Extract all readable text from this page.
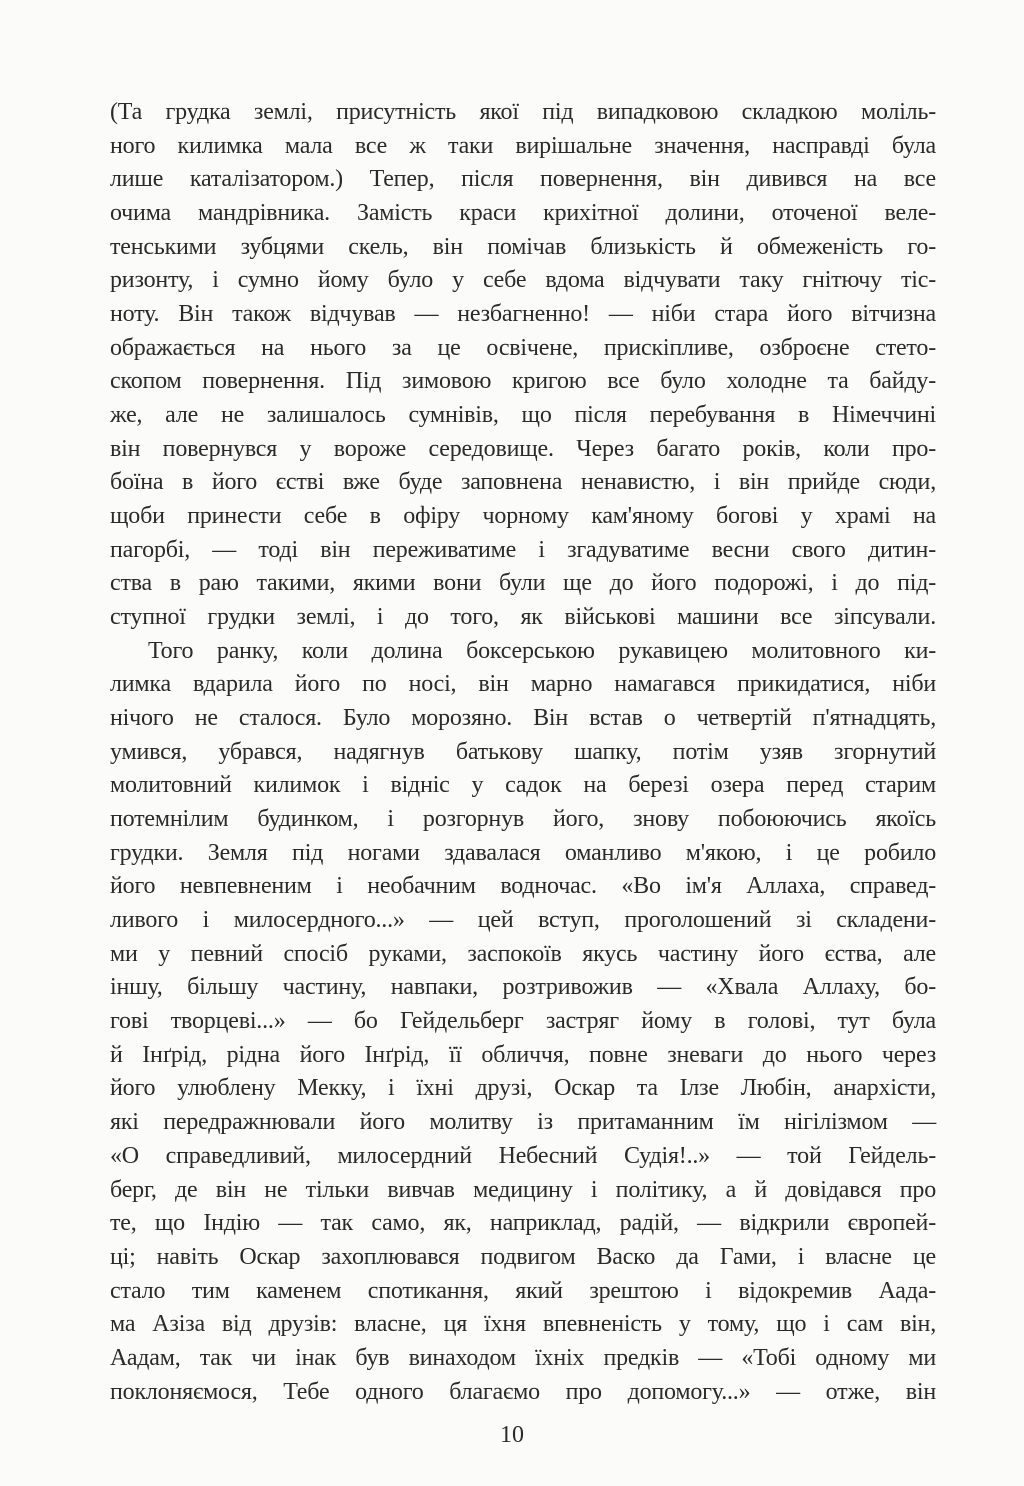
(Та грудка землі, присутність якої під випадковою складкою моліль-
ного килимка мала все ж таки вирішальне значення, насправді була
лише каталізатором.) Тепер, після повернення, він дивився на все
очима мандрівника. Замість краси крихітної долини, оточеної веле-
тенськими зубцями скель, він помічав близькість й обмеженість го-
ризонту, і сумно йому було у себе вдома відчувати таку гнітючу тіс-
ноту. Він також відчував — незбагненно! — ніби стара його вітчизна
ображається на нього за це освічене, прискіпливе, озброєне стето-
скопом повернення. Під зимовою кригою все було холодне та байду-
же, але не залишалось сумнівів, що після перебування в Німеччині
він повернувся у вороже середовище. Через багато років, коли про-
боїна в його єстві вже буде заповнена ненавистю, і він прийде сюди,
щоби принести себе в офіру чорному кам'яному богові у храмі на
пагорбі, — тоді він переживатиме і згадуватиме весни свого дитин-
ства в раю такими, якими вони були ще до його подорожі, і до під-
ступної грудки землі, і до того, як військові машини все зіпсували.
Того ранку, коли долина боксерською рукавицею молитовного ки-
лимка вдарила його по носі, він марно намагався прикидатися, ніби
нічого не сталося. Було морозяно. Він встав о четвертій п'ятнадцять,
умився, убрався, надягнув батькову шапку, потім узяв згорнутий
молитовний килимок і відніс у садок на березі озера перед старим
потемнілим будинком, і розгорнув його, знову побоюючись якоїсь
грудки. Земля під ногами здавалася оманливо м'якою, і це робило
його невпевненим і необачним водночас. «Во ім'я Аллаха, справед-
ливого і милосердного...» — цей вступ, проголошений зі складени-
ми у певний спосіб руками, заспокоїв якусь частину його єства, але
іншу, більшу частину, навпаки, розтривожив — «Хвала Аллаху, бо-
гові творцеві...» — бо Гейдельберг застряг йому в голові, тут була
й Інґрід, рідна його Інґрід, її обличчя, повне зневаги до нього через
його улюблену Мекку, і їхні друзі, Оскар та Ілзе Любін, анархісти,
які передражнювали його молитву із притаманним їм нігілізмом —
«О справедливий, милосердний Небесний Судія!..» — той Гейдель-
берг, де він не тільки вивчав медицину і політику, а й довідався про
те, що Індію — так само, як, наприклад, радій, — відкрили європей-
ці; навіть Оскар захоплювався подвигом Васко да Гами, і власне це
стало тим каменем спотикання, який зрештою і відокремив Аада-
ма Азіза від друзів: власне, ця їхня впевненість у тому, що і сам він,
Аадам, так чи інак був винаходом їхніх предків — «Тобі одному ми
поклоняємося, Тебе одного благаємо про допомогу...» — отже, він
10
